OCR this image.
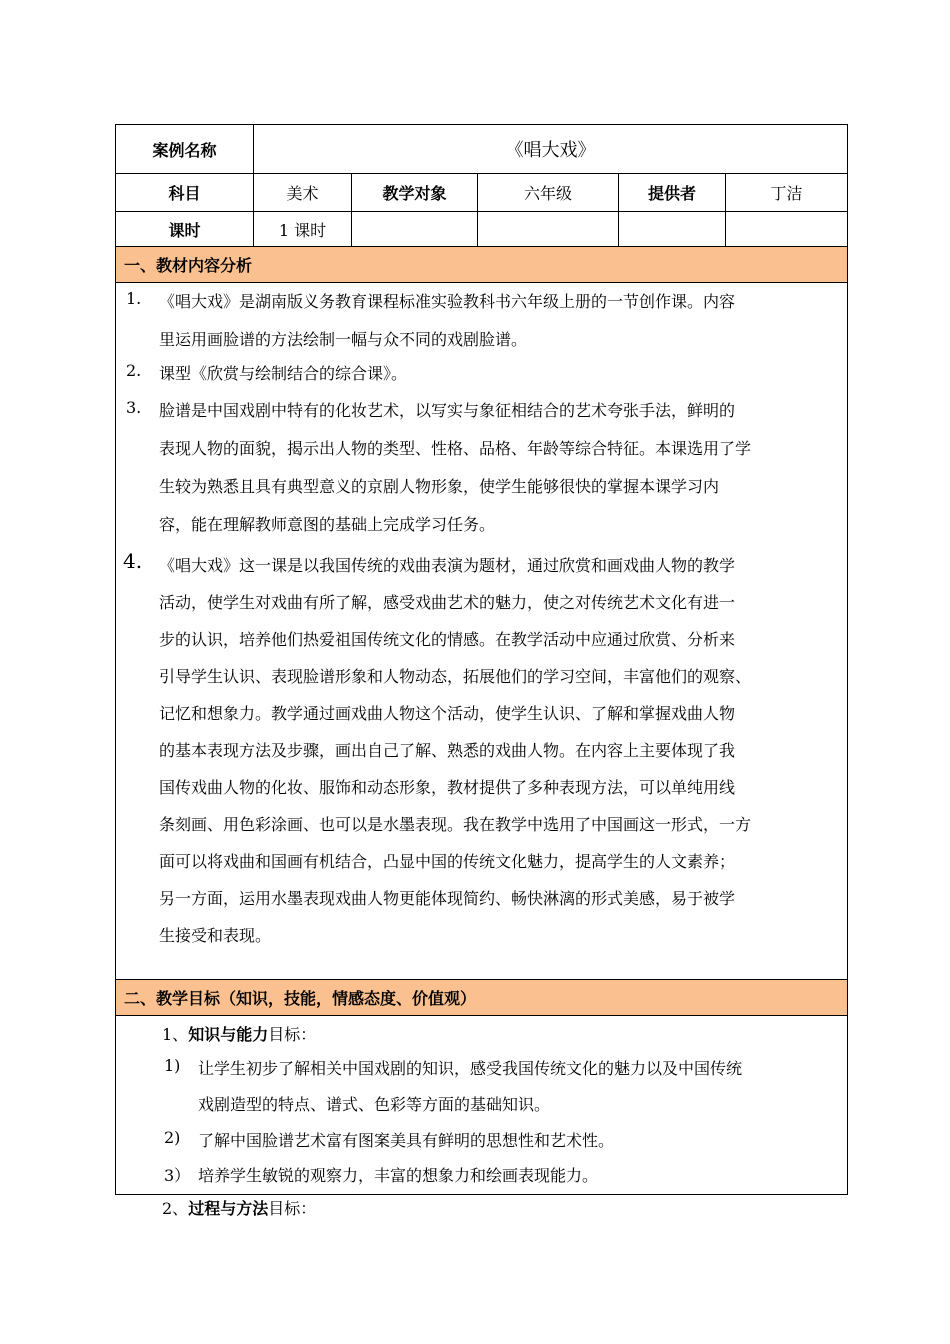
案例名称	《唱大戏》
科目	美术	教学对象	六年级	提供者	丁洁
课时	1 课时
一、教材内容分析
1. 《唱大戏》是湖南版义务教育课程标准实验教科书六年级上册的一节创作课。内容
里运用画脸谱的方法绘制一幅与众不同的戏剧脸谱。
2. 课型《欣赏与绘制结合的综合课》。
3. 脸谱是中国戏剧中特有的化妆艺术，以写实与象征相结合的艺术夸张手法，鲜明的
表现人物的面貌，揭示出人物的类型、性格、品格、年龄等综合特征。本课选用了学
生较为熟悉且具有典型意义的京剧人物形象，使学生能够很快的掌握本课学习内
容，能在理解教师意图的基础上完成学习任务。
4. 《唱大戏》这一课是以我国传统的戏曲表演为题材，通过欣赏和画戏曲人物的教学
活动，使学生对戏曲有所了解，感受戏曲艺术的魅力，使之对传统艺术文化有进一
步的认识，培养他们热爱祖国传统文化的情感。在教学活动中应通过欣赏、分析来
引导学生认识、表现脸谱形象和人物动态，拓展他们的学习空间，丰富他们的观察、
记忆和想象力。教学通过画戏曲人物这个活动，使学生认识、了解和掌握戏曲人物
的基本表现方法及步骤，画出自己了解、熟悉的戏曲人物。在内容上主要体现了我
国传戏曲人物的化妆、服饰和动态形象，教材提供了多种表现方法，可以单纯用线
条刻画、用色彩涂画、也可以是水墨表现。我在教学中选用了中国画这一形式，一方
面可以将戏曲和国画有机结合，凸显中国的传统文化魅力，提高学生的人文素养；
另一方面，运用水墨表现戏曲人物更能体现简约、畅快淋漓的形式美感，易于被学
生接受和表现。
二、教学目标（知识，技能，情感态度、价值观）
1、知识与能力目标：
1) 让学生初步了解相关中国戏剧的知识，感受我国传统文化的魅力以及中国传统
戏剧造型的特点、谱式、色彩等方面的基础知识。
2) 了解中国脸谱艺术富有图案美具有鲜明的思想性和艺术性。
3） 培养学生敏锐的观察力，丰富的想象力和绘画表现能力。
2、过程与方法目标：
